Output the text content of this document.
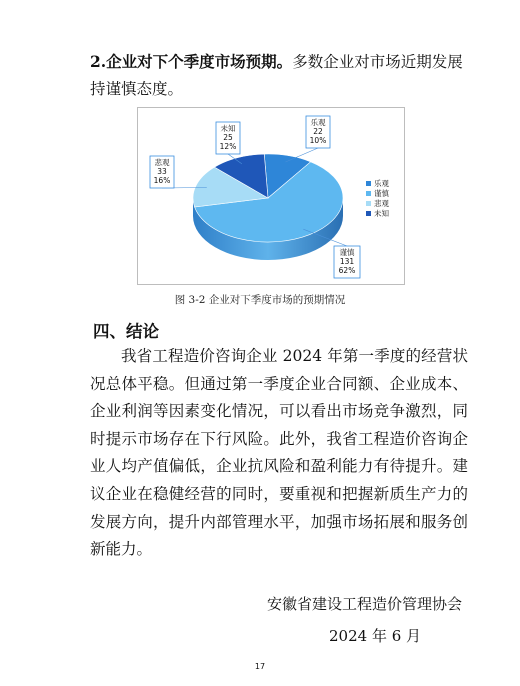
2.企业对下个季度市场预期。多数企业对市场近期发展持谨慎态度。
乐观
22
10%
谨慎
131
62%
悲观
33
16%
未知
25
12%
乐观
谨慎
悲观
未知
图 3-2 企业对下季度市场的预期情况
四、结论
我省工程造价咨询企业 2024 年第一季度的经营状况总体平稳。但通过第一季度企业合同额、企业成本、企业利润等因素变化情况，可以看出市场竞争激烈，同时提示市场存在下行风险。此外，我省工程造价咨询企业人均产值偏低，企业抗风险和盈利能力有待提升。建议企业在稳健经营的同时，要重视和把握新质生产力的发展方向，提升内部管理水平，加强市场拓展和服务创新能力。
安徽省建设工程造价管理协会
2024 年 6 月
17
